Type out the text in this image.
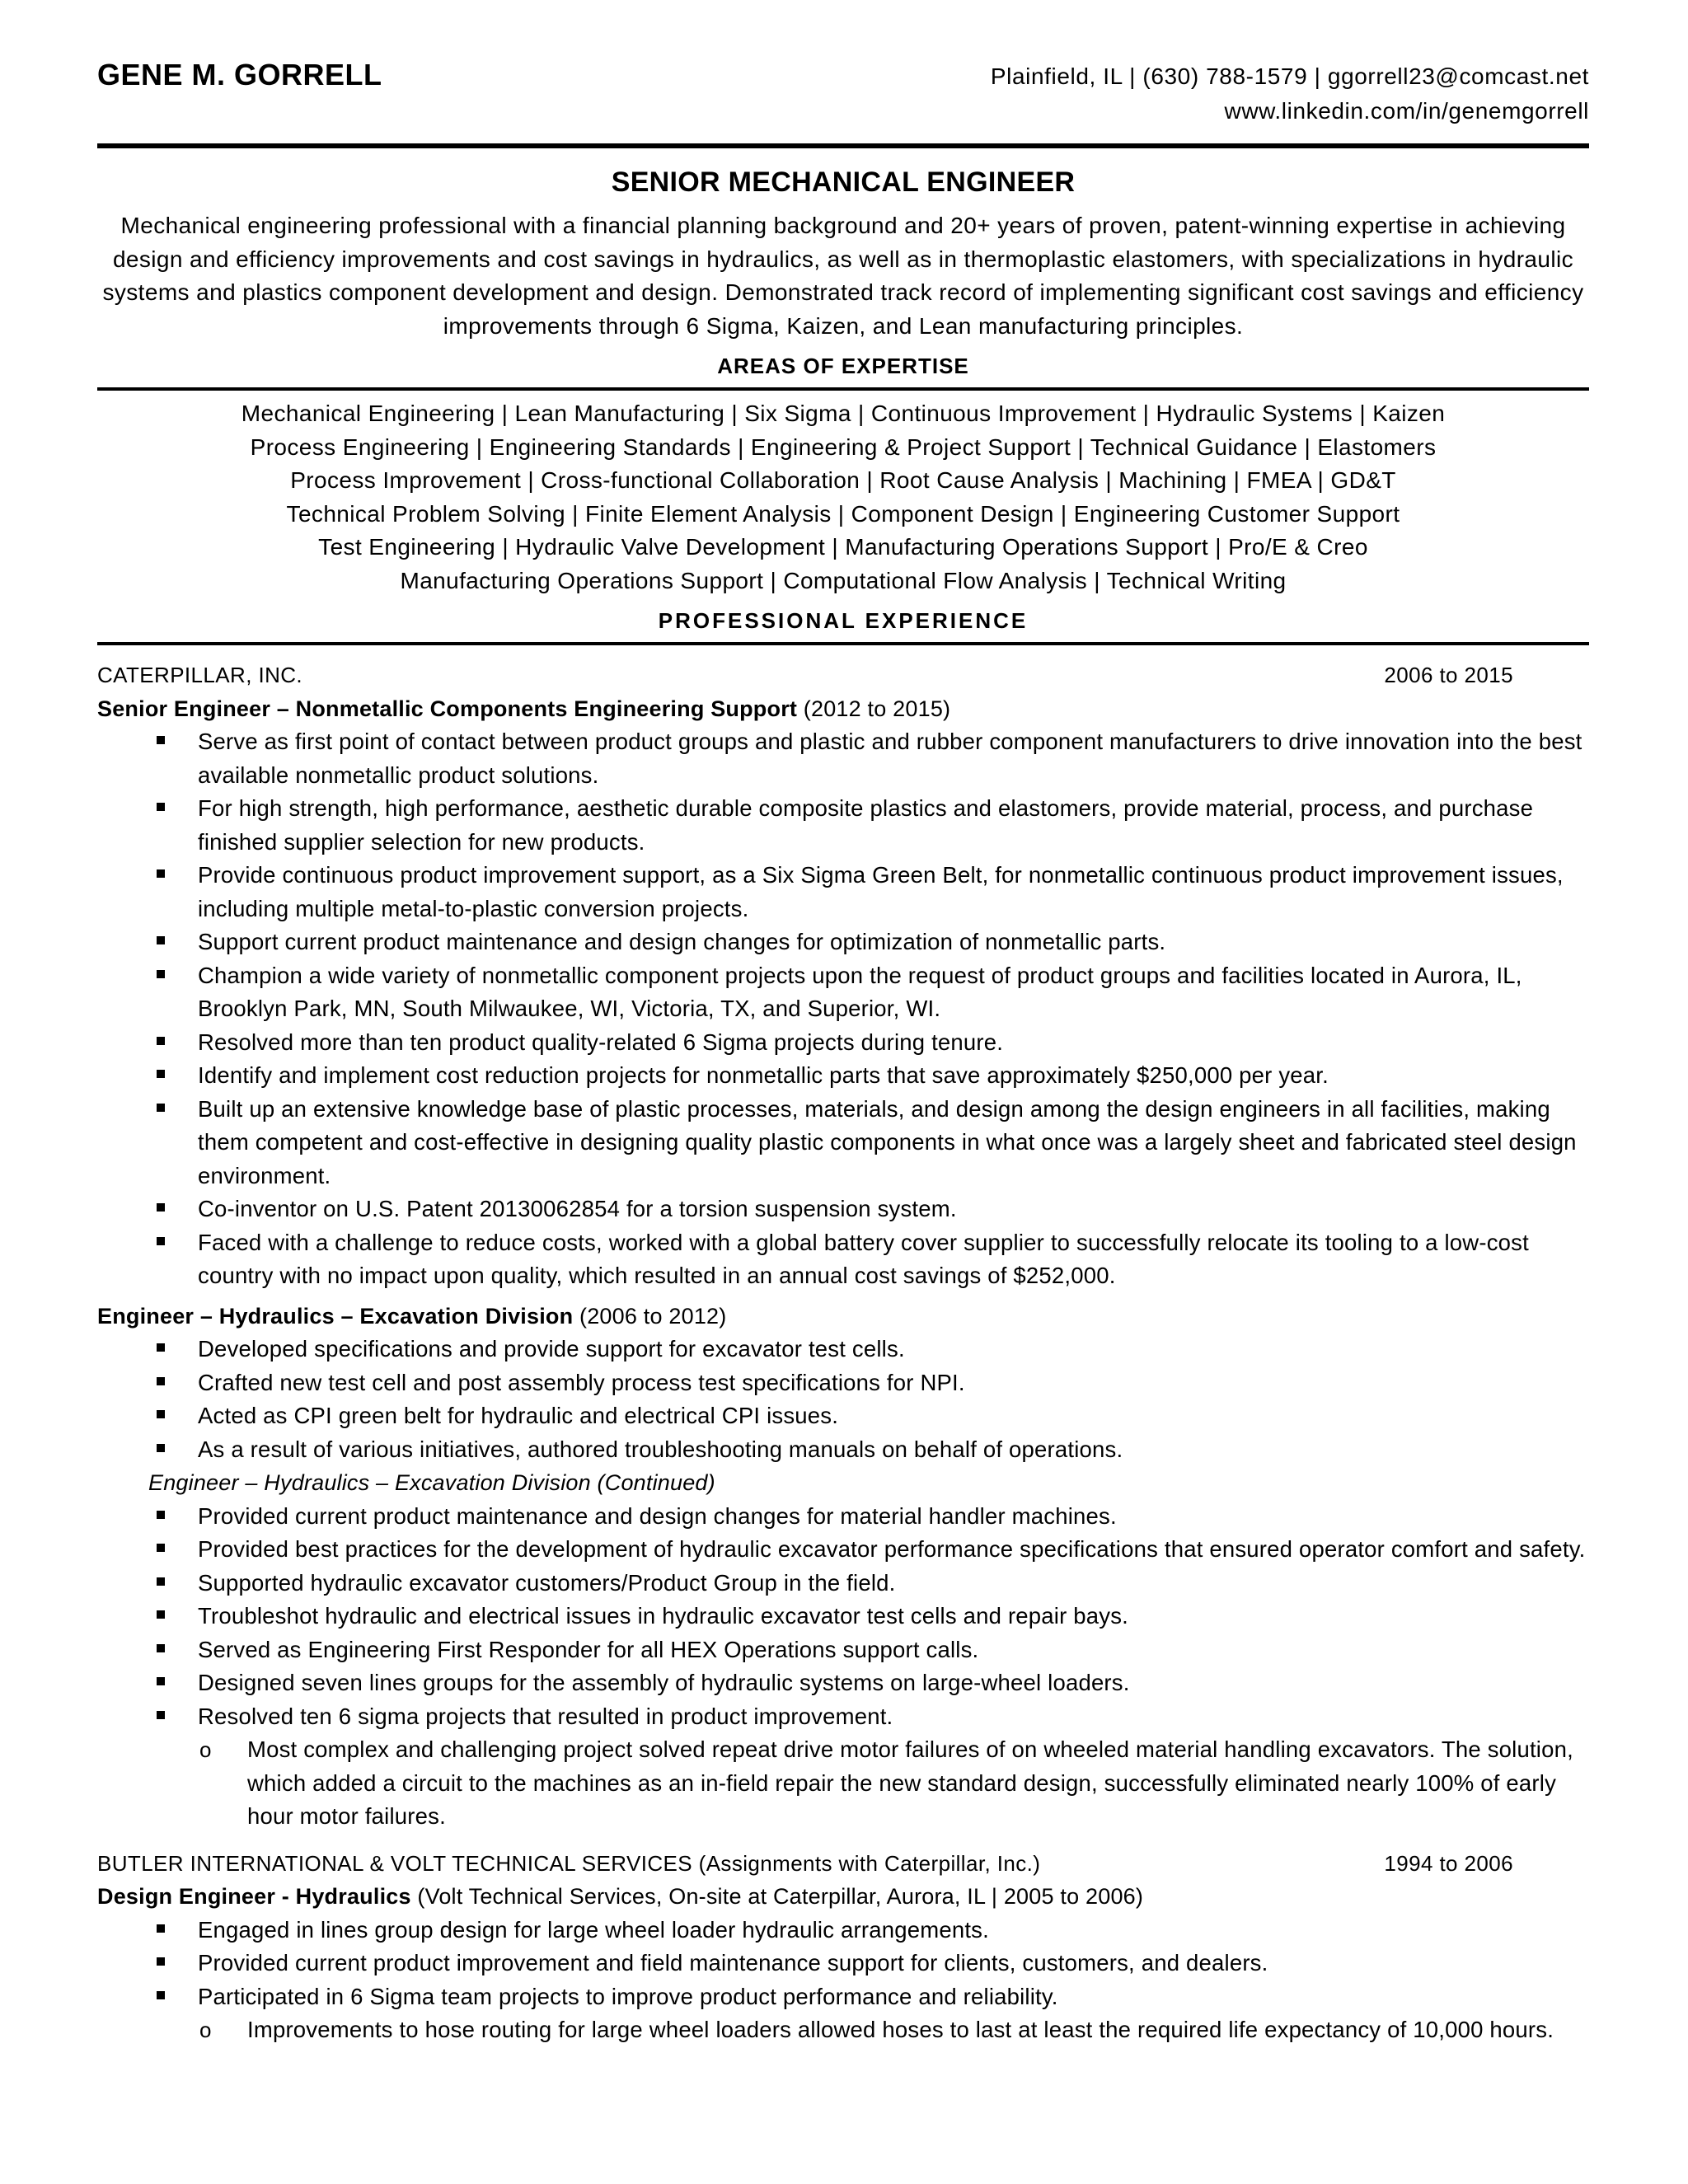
GENE M. GORRELL	Plainfield, IL | (630) 788-1579 | ggorrell23@comcast.net
www.linkedin.com/in/genemgorrell
SENIOR MECHANICAL ENGINEER
Mechanical engineering professional with a financial planning background and 20+ years of proven, patent-winning expertise in achieving design and efficiency improvements and cost savings in hydraulics, as well as in thermoplastic elastomers, with specializations in hydraulic systems and plastics component development and design. Demonstrated track record of implementing significant cost savings and efficiency improvements through 6 Sigma, Kaizen, and Lean manufacturing principles.
AREAS OF EXPERTISE
Mechanical Engineering | Lean Manufacturing | Six Sigma | Continuous Improvement | Hydraulic Systems | Kaizen
Process Engineering | Engineering Standards | Engineering & Project Support | Technical Guidance | Elastomers
Process Improvement | Cross-functional Collaboration | Root Cause Analysis | Machining | FMEA | GD&T
Technical Problem Solving | Finite Element Analysis | Component Design | Engineering Customer Support
Test Engineering | Hydraulic Valve Development | Manufacturing Operations Support | Pro/E & Creo
Manufacturing Operations Support | Computational Flow Analysis | Technical Writing
PROFESSIONAL EXPERIENCE
CATERPILLAR, INC.	2006 to 2015
Senior Engineer – Nonmetallic Components Engineering Support (2012 to 2015)
Serve as first point of contact between product groups and plastic and rubber component manufacturers to drive innovation into the best available nonmetallic product solutions.
For high strength, high performance, aesthetic durable composite plastics and elastomers, provide material, process, and purchase finished supplier selection for new products.
Provide continuous product improvement support, as a Six Sigma Green Belt, for nonmetallic continuous product improvement issues, including multiple metal-to-plastic conversion projects.
Support current product maintenance and design changes for optimization of nonmetallic parts.
Champion a wide variety of nonmetallic component projects upon the request of product groups and facilities located in Aurora, IL, Brooklyn Park, MN, South Milwaukee, WI, Victoria, TX, and Superior, WI.
Resolved more than ten product quality-related 6 Sigma projects during tenure.
Identify and implement cost reduction projects for nonmetallic parts that save approximately $250,000 per year.
Built up an extensive knowledge base of plastic processes, materials, and design among the design engineers in all facilities, making them competent and cost-effective in designing quality plastic components in what once was a largely sheet and fabricated steel design environment.
Co-inventor on U.S. Patent 20130062854 for a torsion suspension system.
Faced with a challenge to reduce costs, worked with a global battery cover supplier to successfully relocate its tooling to a low-cost country with no impact upon quality, which resulted in an annual cost savings of $252,000.
Engineer – Hydraulics – Excavation Division (2006 to 2012)
Developed specifications and provide support for excavator test cells.
Crafted new test cell and post assembly process test specifications for NPI.
Acted as CPI green belt for hydraulic and electrical CPI issues.
As a result of various initiatives, authored troubleshooting manuals on behalf of operations.
Engineer – Hydraulics – Excavation Division (Continued)
Provided current product maintenance and design changes for material handler machines.
Provided best practices for the development of hydraulic excavator performance specifications that ensured operator comfort and safety.
Supported hydraulic excavator customers/Product Group in the field.
Troubleshot hydraulic and electrical issues in hydraulic excavator test cells and repair bays.
Served as Engineering First Responder for all HEX Operations support calls.
Designed seven lines groups for the assembly of hydraulic systems on large-wheel loaders.
Resolved ten 6 sigma projects that resulted in product improvement.
o Most complex and challenging project solved repeat drive motor failures of on wheeled material handling excavators. The solution, which added a circuit to the machines as an in-field repair the new standard design, successfully eliminated nearly 100% of early hour motor failures.
BUTLER INTERNATIONAL & VOLT TECHNICAL SERVICES (Assignments with Caterpillar, Inc.)	1994 to 2006
Design Engineer - Hydraulics (Volt Technical Services, On-site at Caterpillar, Aurora, IL | 2005 to 2006)
Engaged in lines group design for large wheel loader hydraulic arrangements.
Provided current product improvement and field maintenance support for clients, customers, and dealers.
Participated in 6 Sigma team projects to improve product performance and reliability.
o Improvements to hose routing for large wheel loaders allowed hoses to last at least the required life expectancy of 10,000 hours.
